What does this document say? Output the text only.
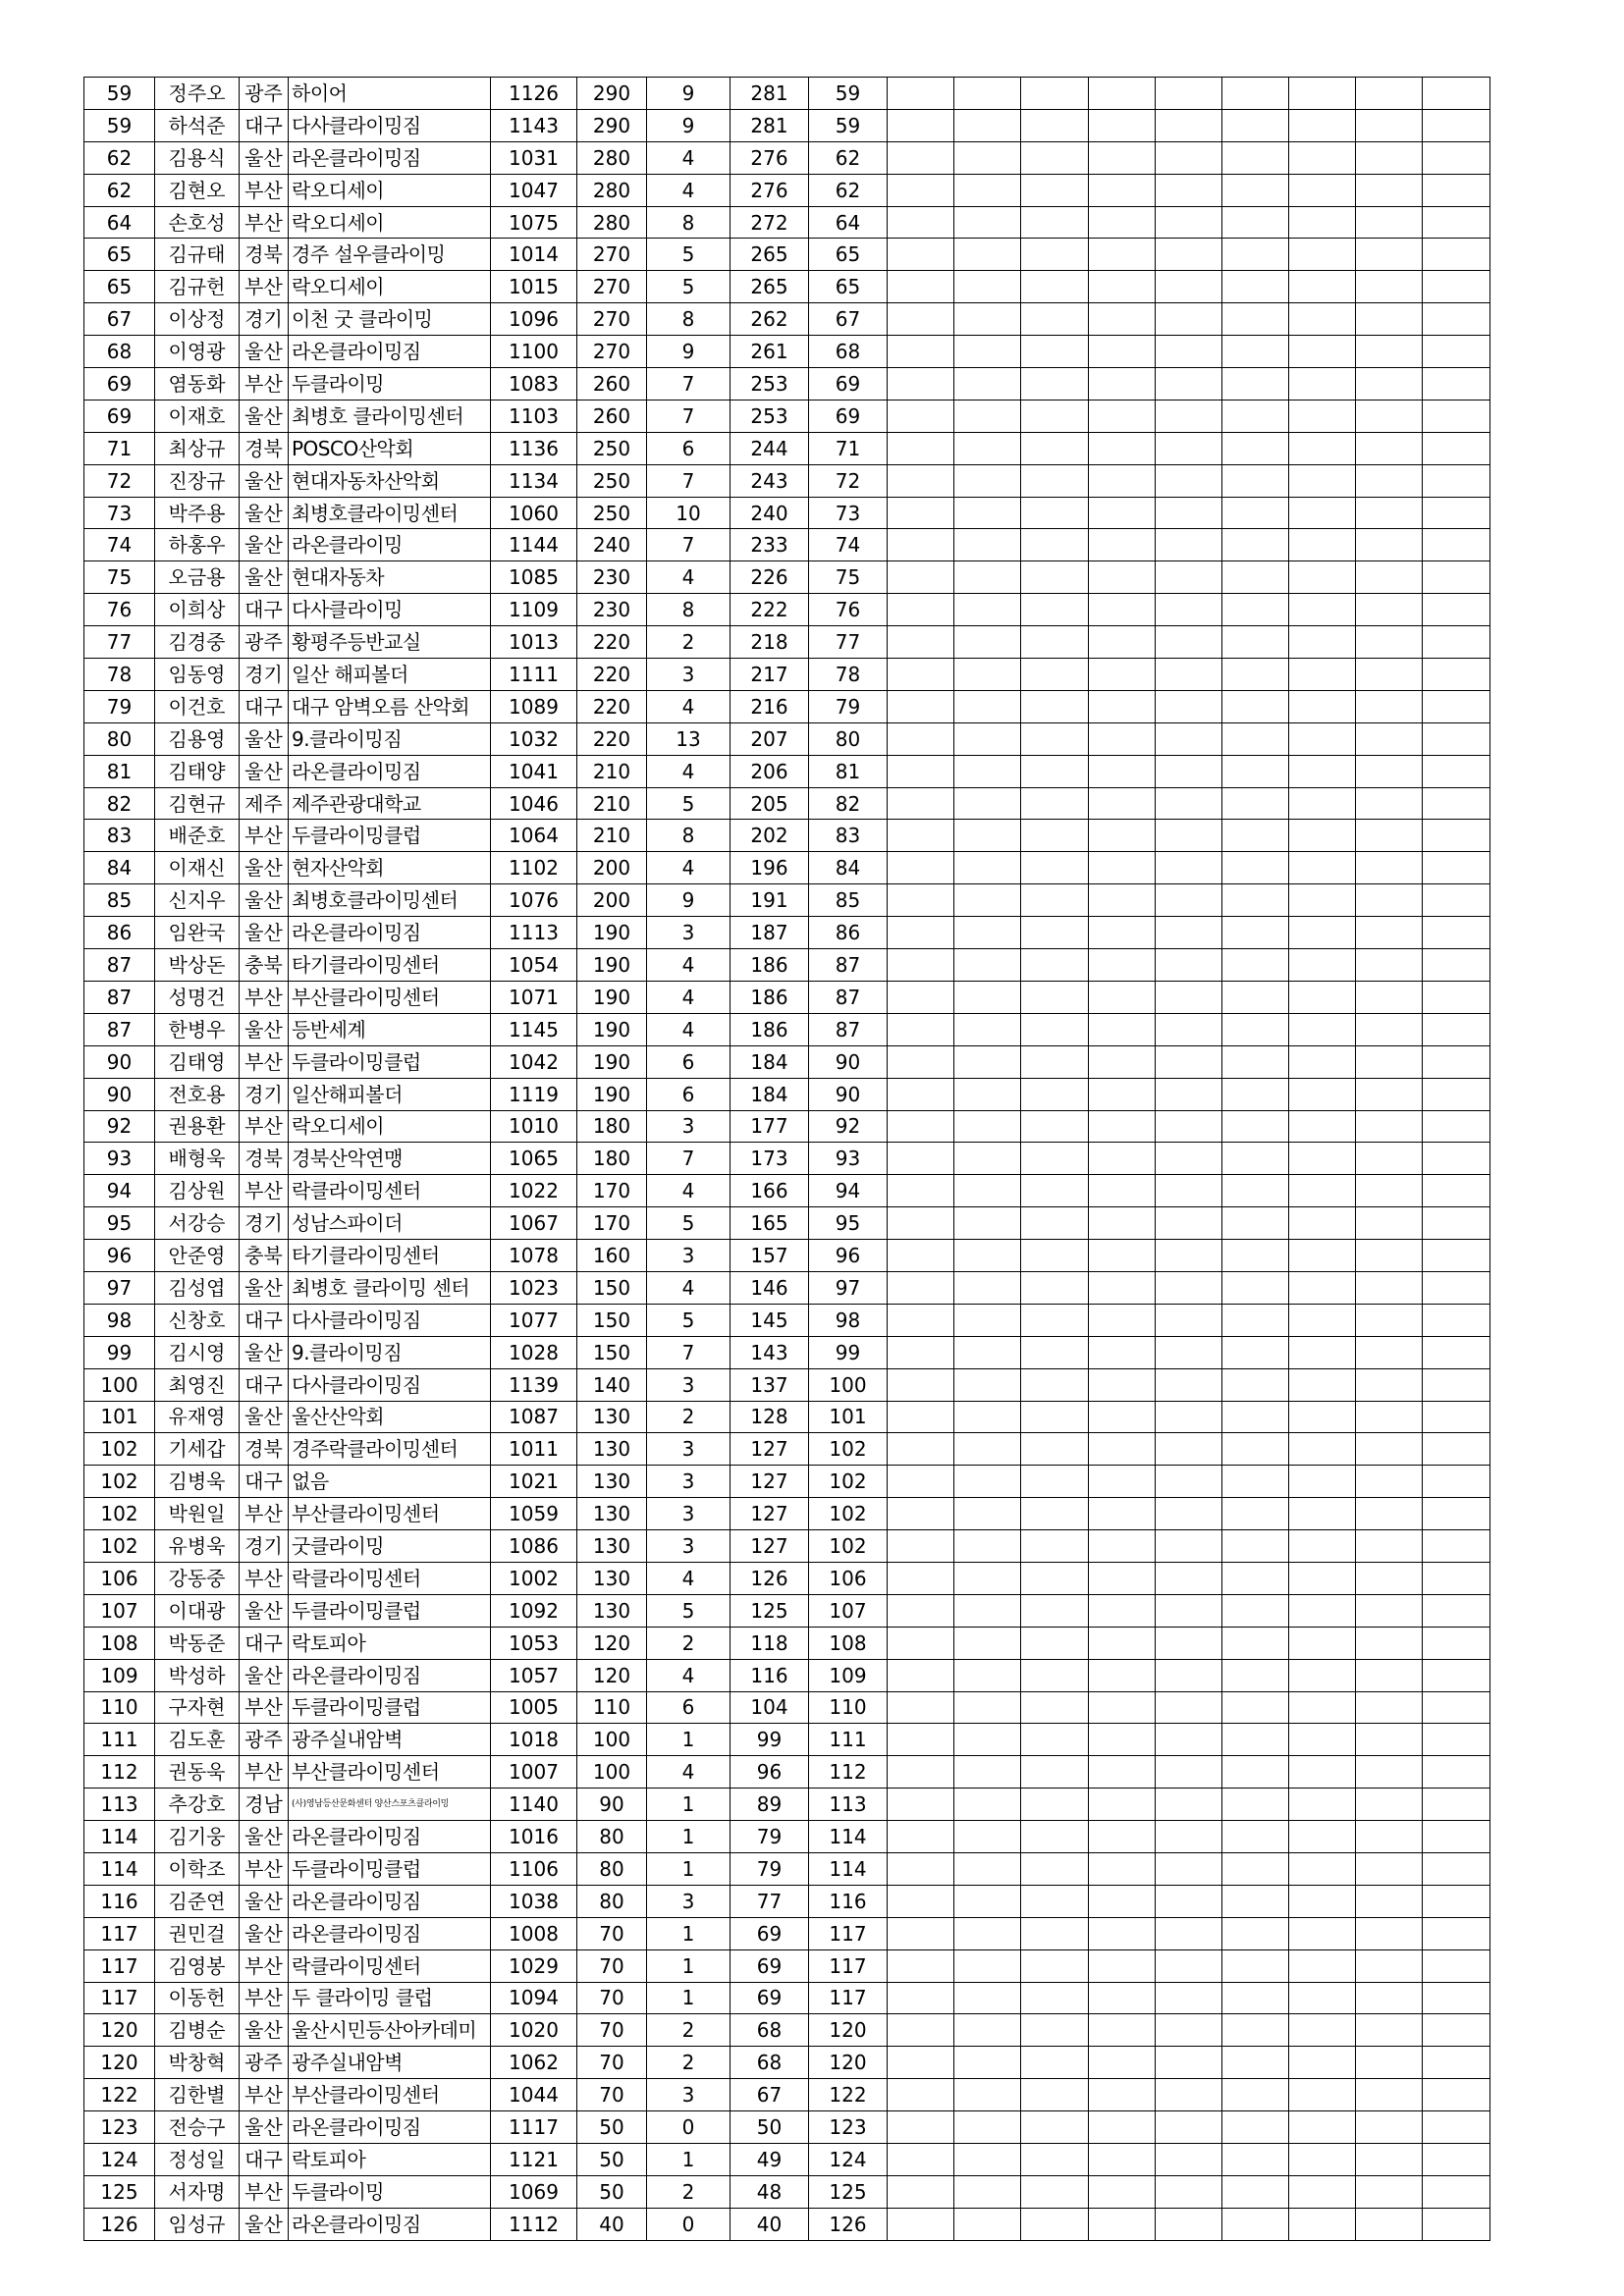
59	정주오	광주	하이어	1126	290	9	281	59									
59	하석준	대구	다사클라이밍짐	1143	290	9	281	59									
62	김용식	울산	라온클라이밍짐	1031	280	4	276	62									
62	김현오	부산	락오디세이	1047	280	4	276	62									
64	손호성	부산	락오디세이	1075	280	8	272	64									
65	김규태	경북	경주 설우클라이밍	1014	270	5	265	65									
65	김규헌	부산	락오디세이	1015	270	5	265	65									
67	이상정	경기	이천 굿 클라이밍	1096	270	8	262	67									
68	이영광	울산	라온클라이밍짐	1100	270	9	261	68									
69	염동화	부산	두클라이밍	1083	260	7	253	69									
69	이재호	울산	최병호 클라이밍센터	1103	260	7	253	69									
71	최상규	경북	POSCO산악회	1136	250	6	244	71									
72	진장규	울산	현대자동차산악회	1134	250	7	243	72									
73	박주용	울산	최병호클라이밍센터	1060	250	10	240	73									
74	하홍우	울산	라온클라이밍	1144	240	7	233	74									
75	오금용	울산	현대자동차	1085	230	4	226	75									
76	이희상	대구	다사클라이밍	1109	230	8	222	76									
77	김경중	광주	황평주등반교실	1013	220	2	218	77									
78	임동영	경기	일산 해피볼더	1111	220	3	217	78									
79	이건호	대구	대구 암벽오름 산악회	1089	220	4	216	79									
80	김용영	울산	9.클라이밍짐	1032	220	13	207	80									
81	김태양	울산	라온클라이밍짐	1041	210	4	206	81									
82	김현규	제주	제주관광대학교	1046	210	5	205	82									
83	배준호	부산	두클라이밍클럽	1064	210	8	202	83									
84	이재신	울산	현자산악회	1102	200	4	196	84									
85	신지우	울산	최병호클라이밍센터	1076	200	9	191	85									
86	임완국	울산	라온클라이밍짐	1113	190	3	187	86									
87	박상돈	충북	타기클라이밍센터	1054	190	4	186	87									
87	성명건	부산	부산클라이밍센터	1071	190	4	186	87									
87	한병우	울산	등반세계	1145	190	4	186	87									
90	김태영	부산	두클라이밍클럽	1042	190	6	184	90									
90	전호용	경기	일산해피볼더	1119	190	6	184	90									
92	권용환	부산	락오디세이	1010	180	3	177	92									
93	배형욱	경북	경북산악연맹	1065	180	7	173	93									
94	김상원	부산	락클라이밍센터	1022	170	4	166	94									
95	서강승	경기	성남스파이더	1067	170	5	165	95									
96	안준영	충북	타기클라이밍센터	1078	160	3	157	96									
97	김성엽	울산	최병호 클라이밍 센터	1023	150	4	146	97									
98	신창호	대구	다사클라이밍짐	1077	150	5	145	98									
99	김시영	울산	9.클라이밍짐	1028	150	7	143	99									
100	최영진	대구	다사클라이밍짐	1139	140	3	137	100									
101	유재영	울산	울산산악회	1087	130	2	128	101									
102	기세갑	경북	경주락클라이밍센터	1011	130	3	127	102									
102	김병욱	대구	없음	1021	130	3	127	102									
102	박원일	부산	부산클라이밍센터	1059	130	3	127	102									
102	유병욱	경기	굿클라이밍	1086	130	3	127	102									
106	강동중	부산	락클라이밍센터	1002	130	4	126	106									
107	이대광	울산	두클라이밍클럽	1092	130	5	125	107									
108	박동준	대구	락토피아	1053	120	2	118	108									
109	박성하	울산	라온클라이밍짐	1057	120	4	116	109									
110	구자현	부산	두클라이밍클럽	1005	110	6	104	110									
111	김도훈	광주	광주실내암벽	1018	100	1	99	111									
112	권동욱	부산	부산클라이밍센터	1007	100	4	96	112									
113	추강호	경남	(사)영남등산문화센터 양산스포츠클라이밍	1140	90	1	89	113									
114	김기웅	울산	라온클라이밍짐	1016	80	1	79	114									
114	이학조	부산	두클라이밍클럽	1106	80	1	79	114									
116	김준연	울산	라온클라이밍짐	1038	80	3	77	116									
117	권민걸	울산	라온클라이밍짐	1008	70	1	69	117									
117	김영봉	부산	락클라이밍센터	1029	70	1	69	117									
117	이동헌	부산	두 클라이밍 클럽	1094	70	1	69	117									
120	김병순	울산	울산시민등산아카데미	1020	70	2	68	120									
120	박창혁	광주	광주실내암벽	1062	70	2	68	120									
122	김한별	부산	부산클라이밍센터	1044	70	3	67	122									
123	전승구	울산	라온클라이밍짐	1117	50	0	50	123									
124	정성일	대구	락토피아	1121	50	1	49	124									
125	서자명	부산	두클라이밍	1069	50	2	48	125									
126	임성규	울산	라온클라이밍짐	1112	40	0	40	126									
